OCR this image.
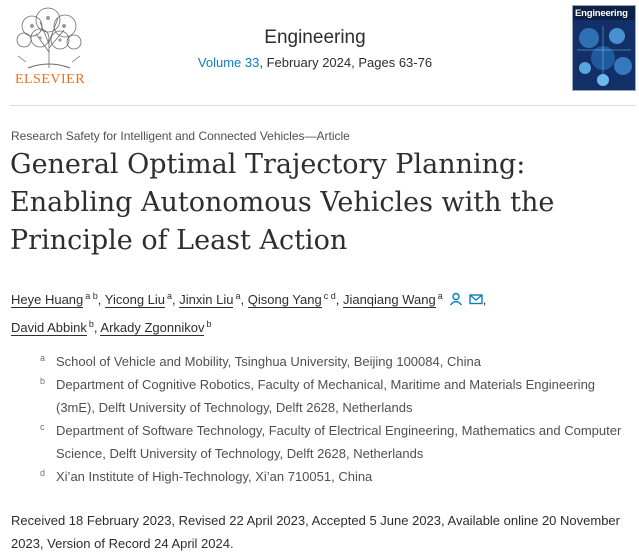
ELSEVIER
Engineering
Volume 33, February 2024, Pages 63-76
Engineering
Research Safety for Intelligent and Connected Vehicles—Article
General Optimal Trajectory Planning: Enabling Autonomous Vehicles with the Principle of Least Action
Heye Huang $^{a b}$, Yicong Liu $^a$, Jinxin Liu $^a$, Qisong Yang $^{c d}$, Jianqiang Wang $^a$	,
David Abbink $^b$, Arkady Zgonnikov $^b$
a School of Vehicle and Mobility, Tsinghua University, Beijing 100084, China
b Department of Cognitive Robotics, Faculty of Mechanical, Maritime and Materials Engineering (3mE), Delft University of Technology, Delft 2628, Netherlands
c Department of Software Technology, Faculty of Electrical Engineering, Mathematics and Computer Science, Delft University of Technology, Delft 2628, Netherlands
d Xi’an Institute of High-Technology, Xi’an 710051, China
Received 18 February 2023, Revised 22 April 2023, Accepted 5 June 2023, Available online 20 November 2023, Version of Record 24 April 2024.
